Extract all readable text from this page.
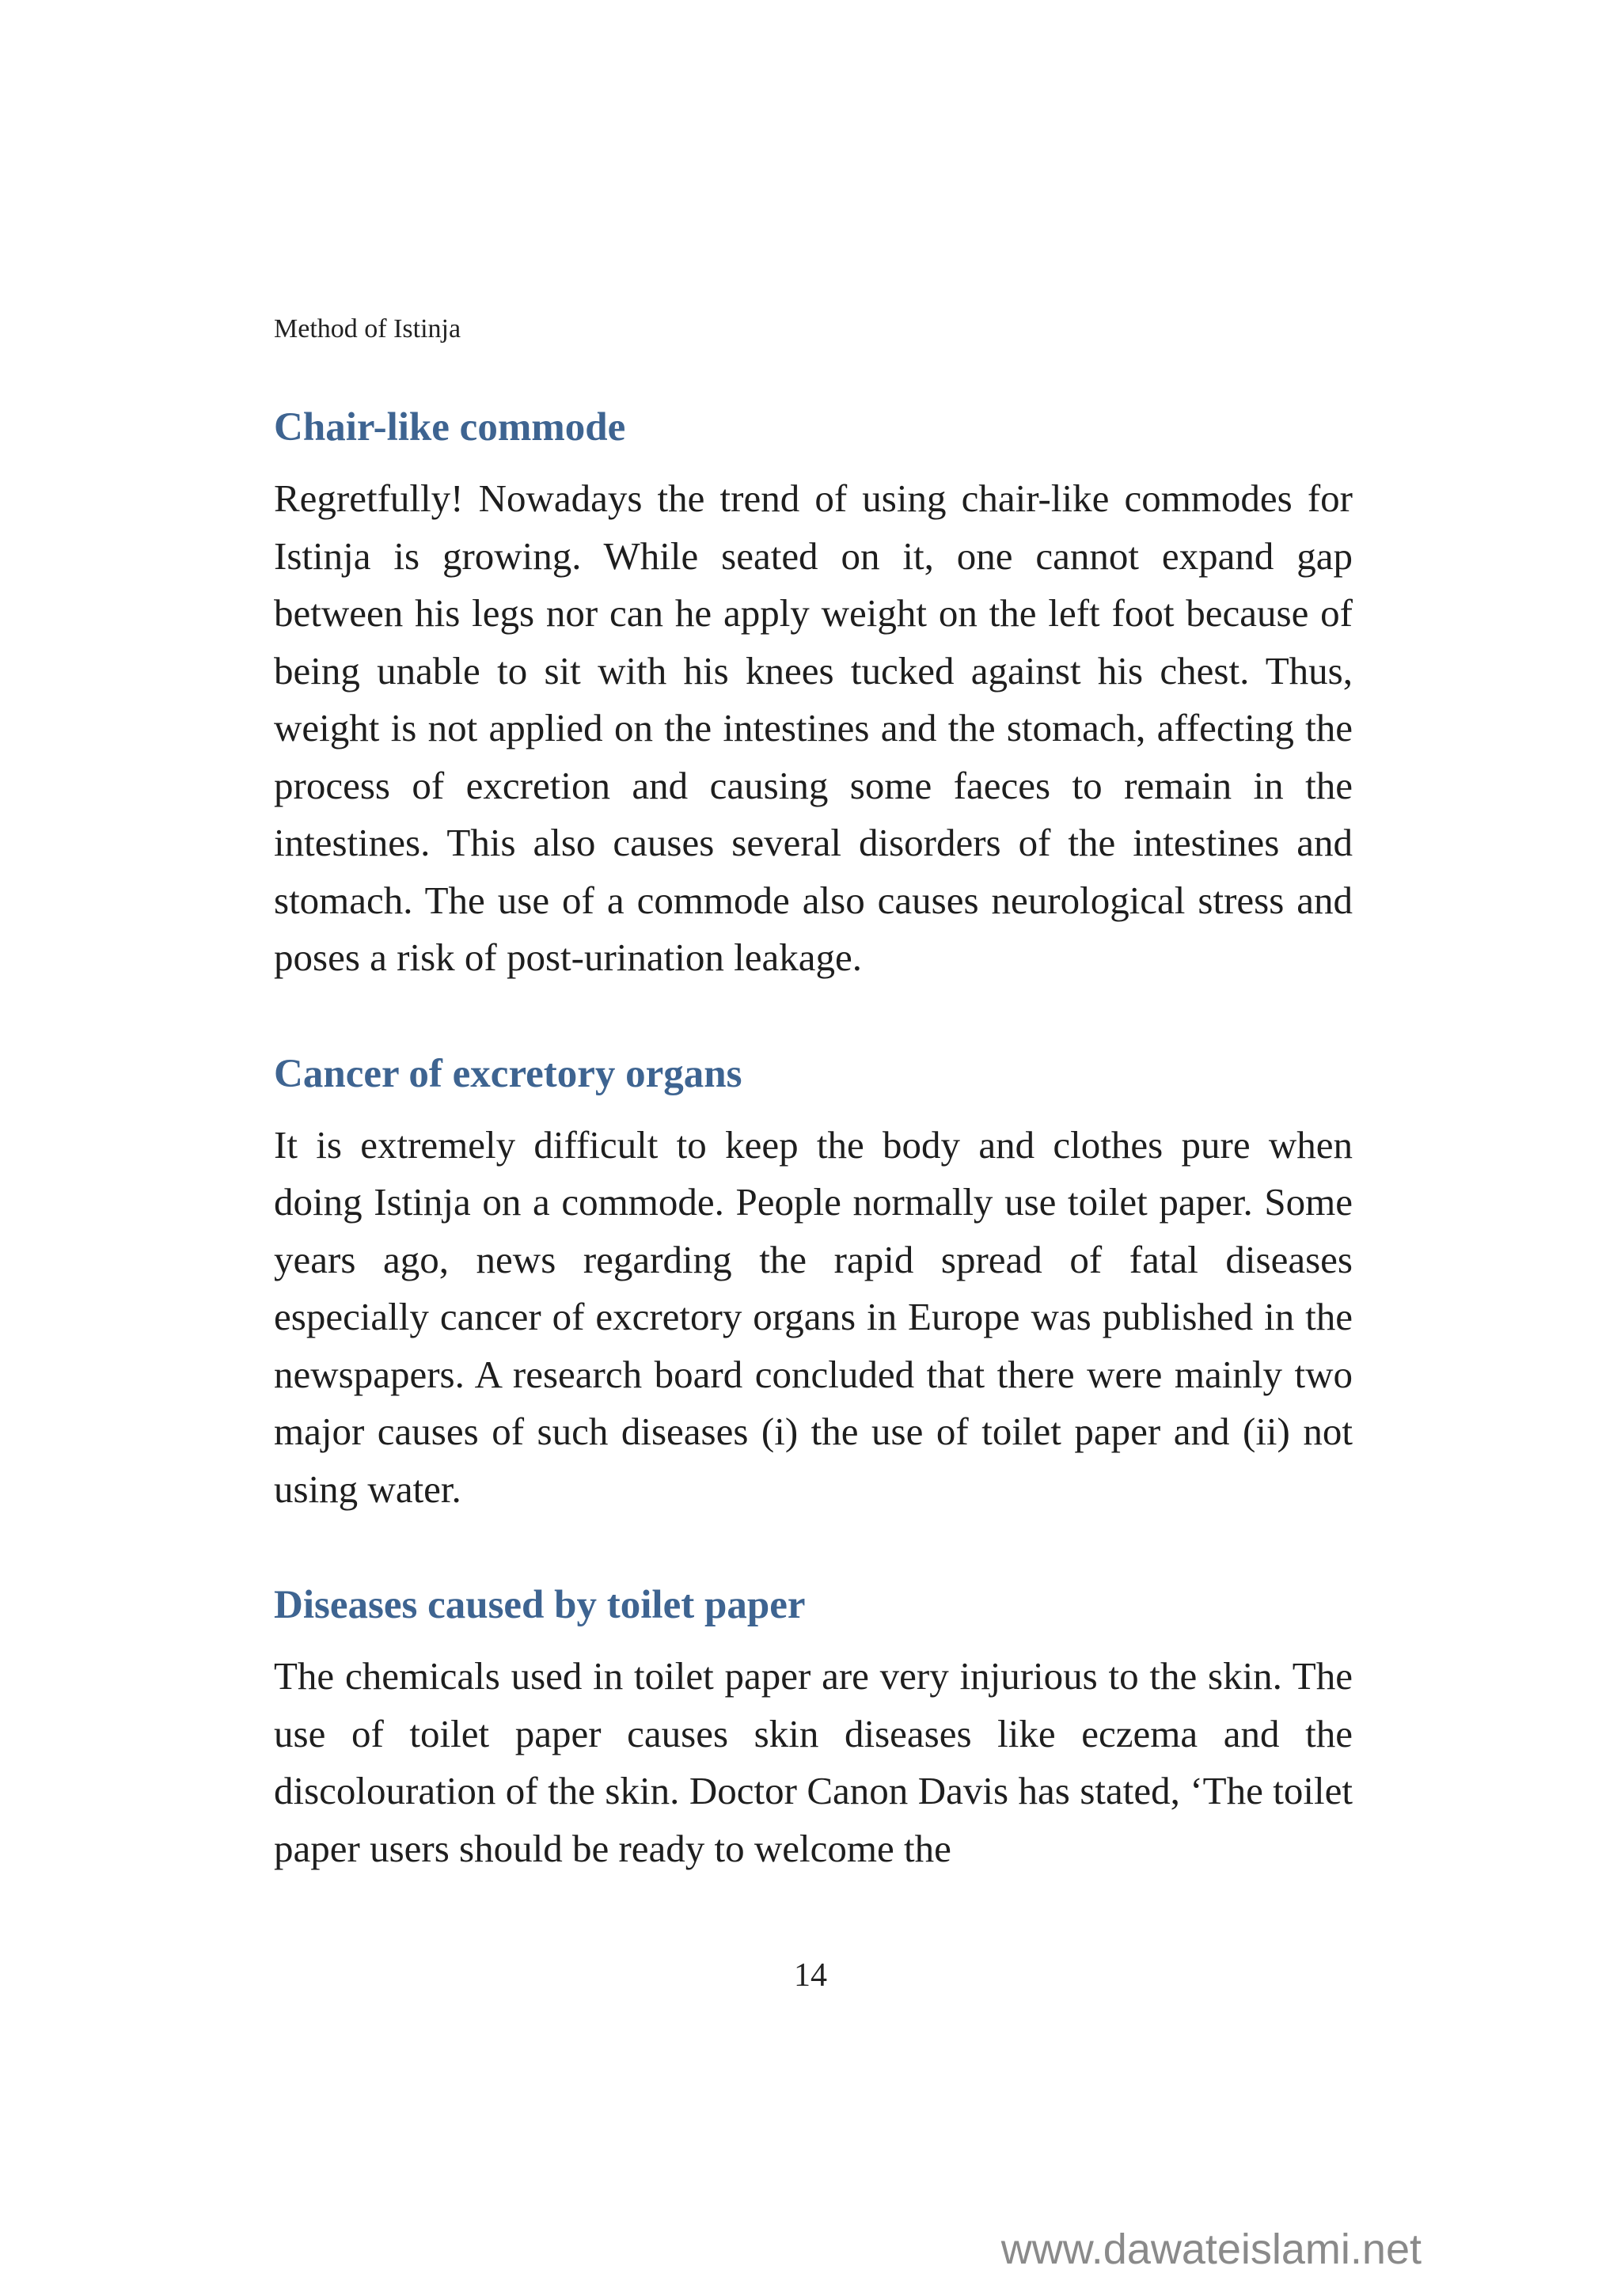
Method of Istinja
Chair-like commode

Regretfully! Nowadays the trend of using chair-like commodes for Istinja is growing. While seated on it, one cannot expand gap between his legs nor can he apply weight on the left foot because of being unable to sit with his knees tucked against his chest. Thus, weight is not applied on the intestines and the stomach, affecting the process of excretion and causing some faeces to remain in the intestines. This also causes several disorders of the intestines and stomach. The use of a commode also causes neurological stress and poses a risk of post-urination leakage.

Cancer of excretory organs

It is extremely difficult to keep the body and clothes pure when doing Istinja on a commode. People normally use toilet paper. Some years ago, news regarding the rapid spread of fatal diseases especially cancer of excretory organs in Europe was published in the newspapers. A research board concluded that there were mainly two major causes of such diseases (i) the use of toilet paper and (ii) not using water.

Diseases caused by toilet paper

The chemicals used in toilet paper are very injurious to the skin. The use of toilet paper causes skin diseases like eczema and the discolouration of the skin. Doctor Canon Davis has stated, ‘The toilet paper users should be ready to welcome the

14
www.dawateislami.net
